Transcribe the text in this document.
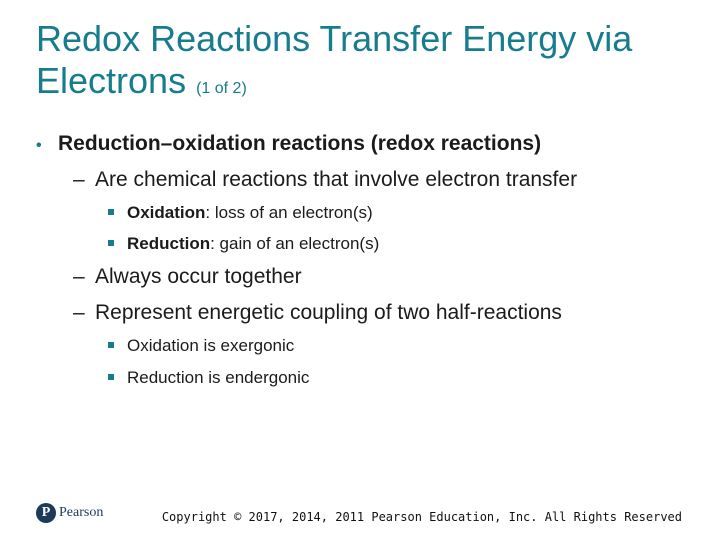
Redox Reactions Transfer Energy via Electrons (1 of 2)
• Reduction–oxidation reactions (redox reactions)
– Are chemical reactions that involve electron transfer
Oxidation: loss of an electron(s)
Reduction: gain of an electron(s)
– Always occur together
– Represent energetic coupling of two half-reactions
Oxidation is exergonic
Reduction is endergonic
P Pearson	Copyright © 2017, 2014, 2011 Pearson Education, Inc. All Rights Reserved
